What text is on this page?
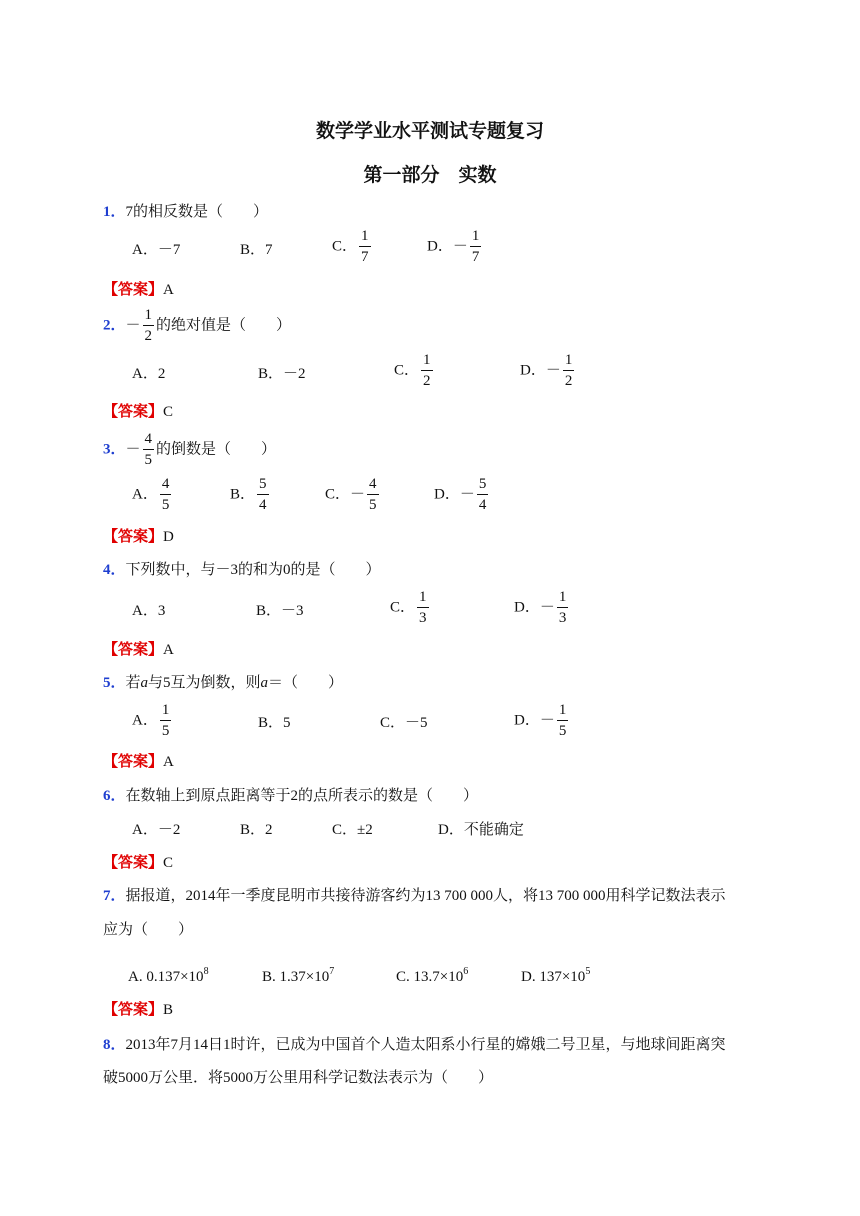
数学学业水平测试专题复习
第一部分　实数
1．7的相反数是（　　）
A．－7	B．7	C． $\frac{1}{7}$	D．－ $\frac{1}{7}$
【答案】A
2．－ $\frac{1}{2}$ 的绝对值是（　　）
A．2	B．－2	C． $\frac{1}{2}$	D．－ $\frac{1}{2}$
【答案】C
3．－ $\frac{4}{5}$ 的倒数是（　　）
A． $\frac{4}{5}$	B． $\frac{5}{4}$	C．－ $\frac{4}{5}$	D．－ $\frac{5}{4}$
【答案】D
4．下列数中，与－3的和为0的是（　　）
A．3	B．－3	C． $\frac{1}{3}$	D．－ $\frac{1}{3}$
【答案】A
5．若a与5互为倒数，则a＝（　　）
A． $\frac{1}{5}$	B．5	C．－5	D．－ $\frac{1}{5}$
【答案】A
6．在数轴上到原点距离等于2的点所表示的数是（　　）
A．－2	B．2	C．±2	D．不能确定
【答案】C
7．据报道，2014年一季度昆明市共接待游客约为13 700 000人，将13 700 000用科学记数法表示
应为（　　）
A. $0.137\times 10^8$	B. $1.37\times 10^7$	C. $13.7\times 10^6$	D. $137\times 10^5$
【答案】B
8．2013年7月14日1时许，已成为中国首个人造太阳系小行星的嫦娥二号卫星，与地球间距离突
破5000万公里．将5000万公里用科学记数法表示为（　　）
